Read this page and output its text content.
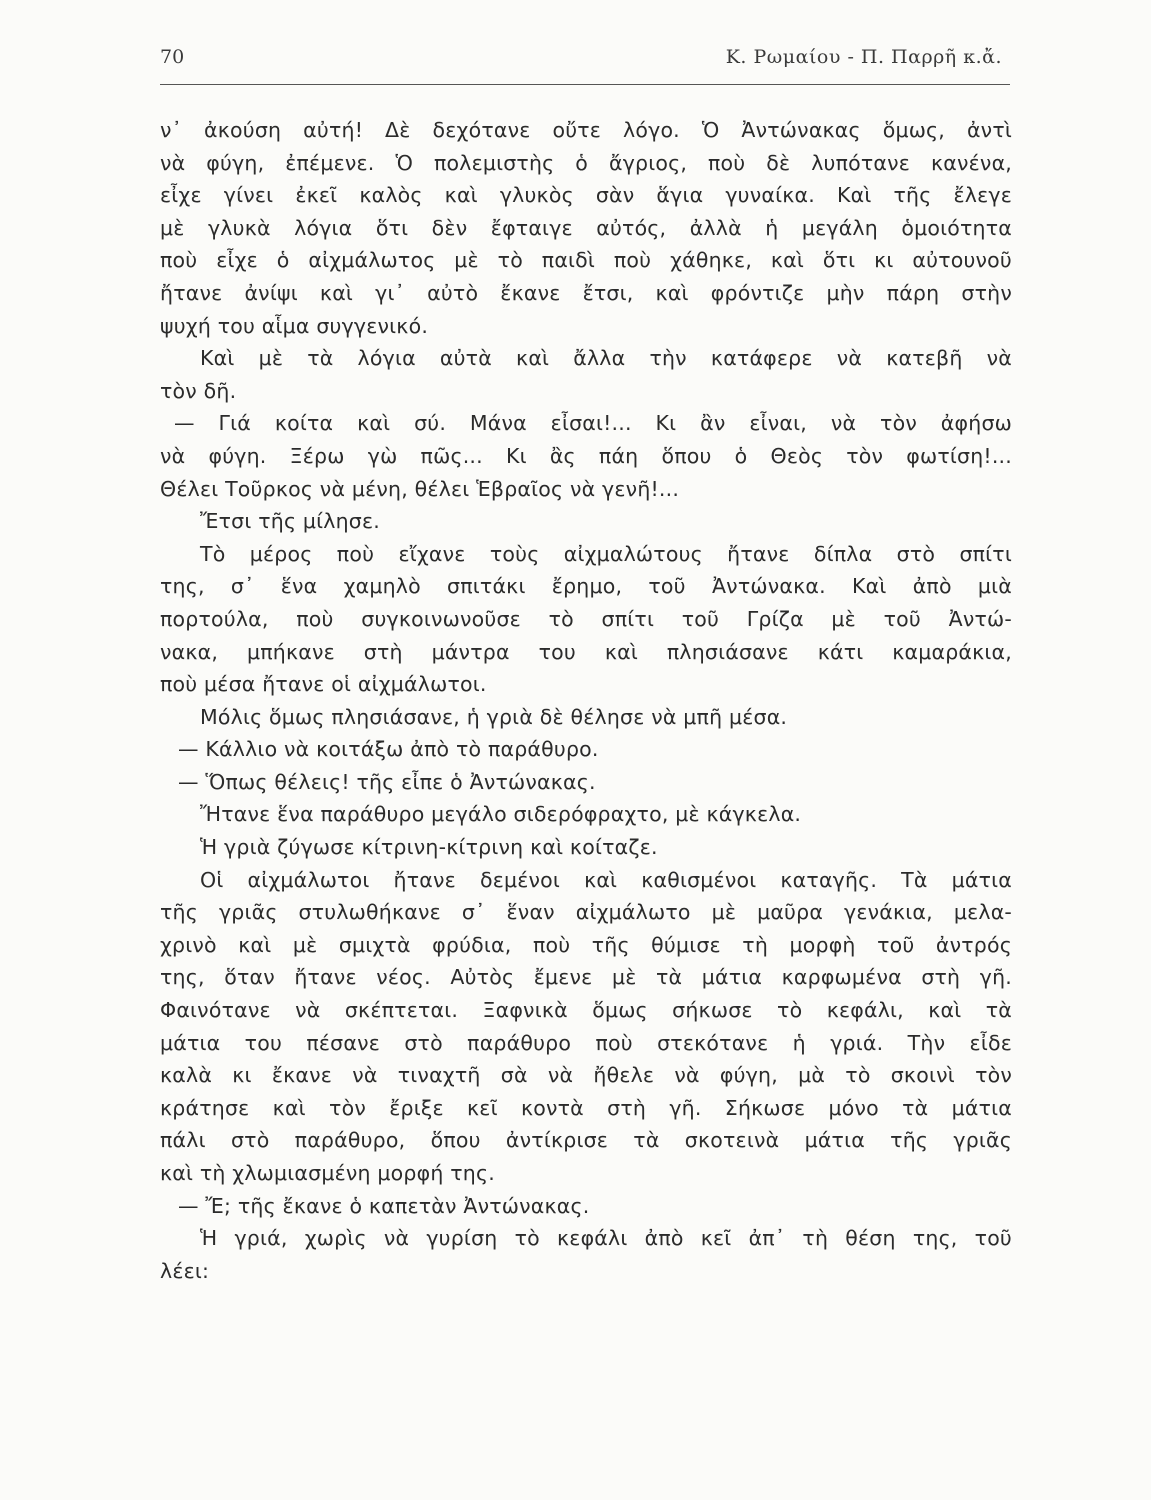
70	Κ. Ρωμαίου - Π. Παρρῆ κ.ἄ.
ν᾽ ἀκούση αὐτή! Δὲ δεχότανε οὔτε λόγο. Ὁ Ἀντώνακας ὅμως, ἀντὶ
νὰ φύγη, ἐπέμενε. Ὁ πολεμιστὴς ὁ ἄγριος, ποὺ δὲ λυπότανε κανένα,
εἶχε γίνει ἐκεῖ καλὸς καὶ γλυκὸς σὰν ἅγια γυναίκα. Καὶ τῆς ἔλεγε
μὲ γλυκὰ λόγια ὅτι δὲν ἔφταιγε αὐτός, ἀλλὰ ἡ μεγάλη ὁμοιότητα
ποὺ εἶχε ὁ αἰχμάλωτος μὲ τὸ παιδὶ ποὺ χάθηκε, καὶ ὅτι κι αὐτουνοῦ
ἤτανε ἀνίψι καὶ γι᾽ αὐτὸ ἔκανε ἔτσι, καὶ φρόντιζε μὴν πάρη στὴν
ψυχή του αἷμα συγγενικό.
Καὶ μὲ τὰ λόγια αὐτὰ καὶ ἄλλα τὴν κατάφερε νὰ κατεβῆ νὰ
τὸν δῆ.
— Γιά κοίτα καὶ σύ. Μάνα εἶσαι!... Κι ἂν εἶναι, νὰ τὸν ἀφήσω
νὰ φύγη. Ξέρω γὼ πῶς... Κι ἂς πάη ὅπου ὁ Θεὸς τὸν φωτίση!...
Θέλει Τοῦρκος νὰ μένη, θέλει Ἑβραῖος νὰ γενῆ!...
Ἔτσι τῆς μίλησε.
Τὸ μέρος ποὺ εἴχανε τοὺς αἰχμαλώτους ἤτανε δίπλα στὸ σπίτι
της, σ᾽ ἕνα χαμηλὸ σπιτάκι ἔρημο, τοῦ Ἀντώνακα. Καὶ ἀπὸ μιὰ
πορτούλα, ποὺ συγκοινωνοῦσε τὸ σπίτι τοῦ Γρίζα μὲ τοῦ Ἀντώ-
νακα, μπήκανε στὴ μάντρα του καὶ πλησιάσανε κάτι καμαράκια,
ποὺ μέσα ἤτανε οἱ αἰχμάλωτοι.
Μόλις ὅμως πλησιάσανε, ἡ γριὰ δὲ θέλησε νὰ μπῆ μέσα.
— Κάλλιο νὰ κοιτάξω ἀπὸ τὸ παράθυρο.
— Ὅπως θέλεις! τῆς εἶπε ὁ Ἀντώνακας.
Ἤτανε ἕνα παράθυρο μεγάλο σιδερόφραχτο, μὲ κάγκελα.
Ἡ γριὰ ζύγωσε κίτρινη-κίτρινη καὶ κοίταζε.
Οἱ αἰχμάλωτοι ἤτανε δεμένοι καὶ καθισμένοι καταγῆς. Τὰ μάτια
τῆς γριᾶς στυλωθήκανε σ᾽ ἕναν αἰχμάλωτο μὲ μαῦρα γενάκια, μελα-
χρινὸ καὶ μὲ σμιχτὰ φρύδια, ποὺ τῆς θύμισε τὴ μορφὴ τοῦ ἀντρός
της, ὅταν ἤτανε νέος. Αὐτὸς ἔμενε μὲ τὰ μάτια καρφωμένα στὴ γῆ.
Φαινότανε νὰ σκέπτεται. Ξαφνικὰ ὅμως σήκωσε τὸ κεφάλι, καὶ τὰ
μάτια του πέσανε στὸ παράθυρο ποὺ στεκότανε ἡ γριά. Τὴν εἶδε
καλὰ κι ἔκανε νὰ τιναχτῆ σὰ νὰ ἤθελε νὰ φύγη, μὰ τὸ σκοινὶ τὸν
κράτησε καὶ τὸν ἔριξε κεῖ κοντὰ στὴ γῆ. Σήκωσε μόνο τὰ μάτια
πάλι στὸ παράθυρο, ὅπου ἀντίκρισε τὰ σκοτεινὰ μάτια τῆς γριᾶς
καὶ τὴ χλωμιασμένη μορφή της.
— Ἔ; τῆς ἔκανε ὁ καπετὰν Ἀντώνακας.
Ἡ γριά, χωρὶς νὰ γυρίση τὸ κεφάλι ἀπὸ κεῖ ἀπ᾽ τὴ θέση της, τοῦ
λέει:
